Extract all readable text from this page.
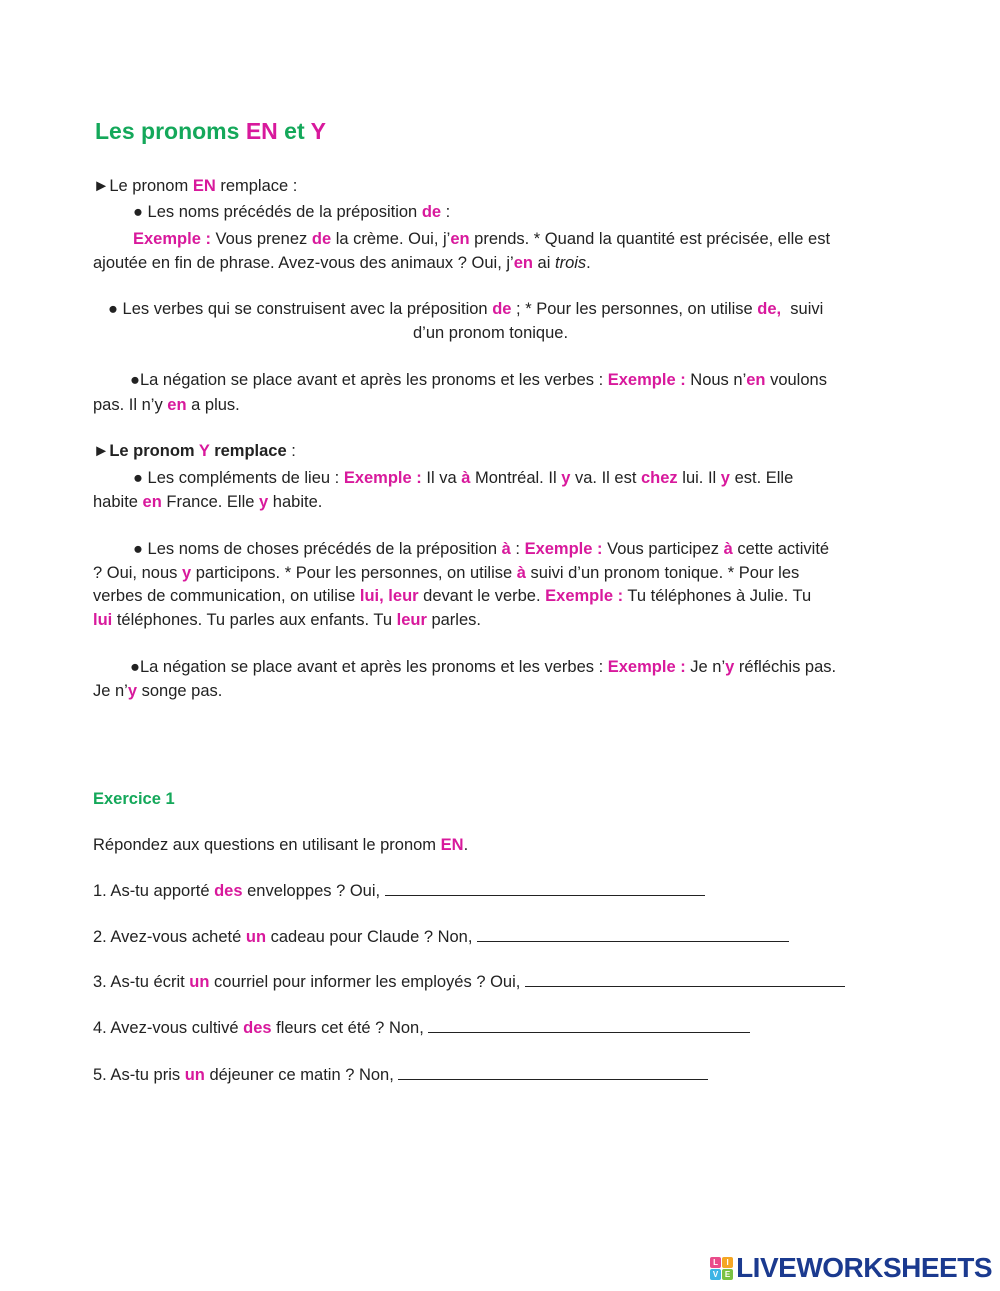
Les pronoms EN et Y
►Le pronom EN remplace :
● Les noms précédés de la préposition de :
Exemple : Vous prenez de la crème. Oui, j’en prends. * Quand la quantité est précisée, elle est
ajoutée en fin de phrase. Avez-vous des animaux ? Oui, j’en ai trois.
● Les verbes qui se construisent avec la préposition de ; * Pour les personnes, on utilise de,  suivi
d’un pronom tonique.
●La négation se place avant et après les pronoms et les verbes : Exemple : Nous n’en voulons
pas. Il n’y en a plus.
►Le pronom Y remplace :
● Les compléments de lieu : Exemple : Il va à Montréal. Il y va. Il est chez lui. Il y est. Elle
habite en France. Elle y habite.
● Les noms de choses précédés de la préposition à : Exemple : Vous participez à cette activité
? Oui, nous y participons. * Pour les personnes, on utilise à suivi d’un pronom tonique. * Pour les
verbes de communication, on utilise lui, leur devant le verbe. Exemple : Tu téléphones à Julie. Tu
lui téléphones. Tu parles aux enfants. Tu leur parles.
●La négation se place avant et après les pronoms et les verbes : Exemple : Je n’y réfléchis pas.
Je n’y songe pas.
Exercice 1
Répondez aux questions en utilisant le pronom EN.
1. As-tu apporté des enveloppes ? Oui,
2. Avez-vous acheté un cadeau pour Claude ? Non,
3. As-tu écrit un courriel pour informer les employés ? Oui,
4. Avez-vous cultivé des fleurs cet été ? Non,
5. As-tu pris un déjeuner ce matin ? Non,
L	I
V E LIVEWORKSHEETS
